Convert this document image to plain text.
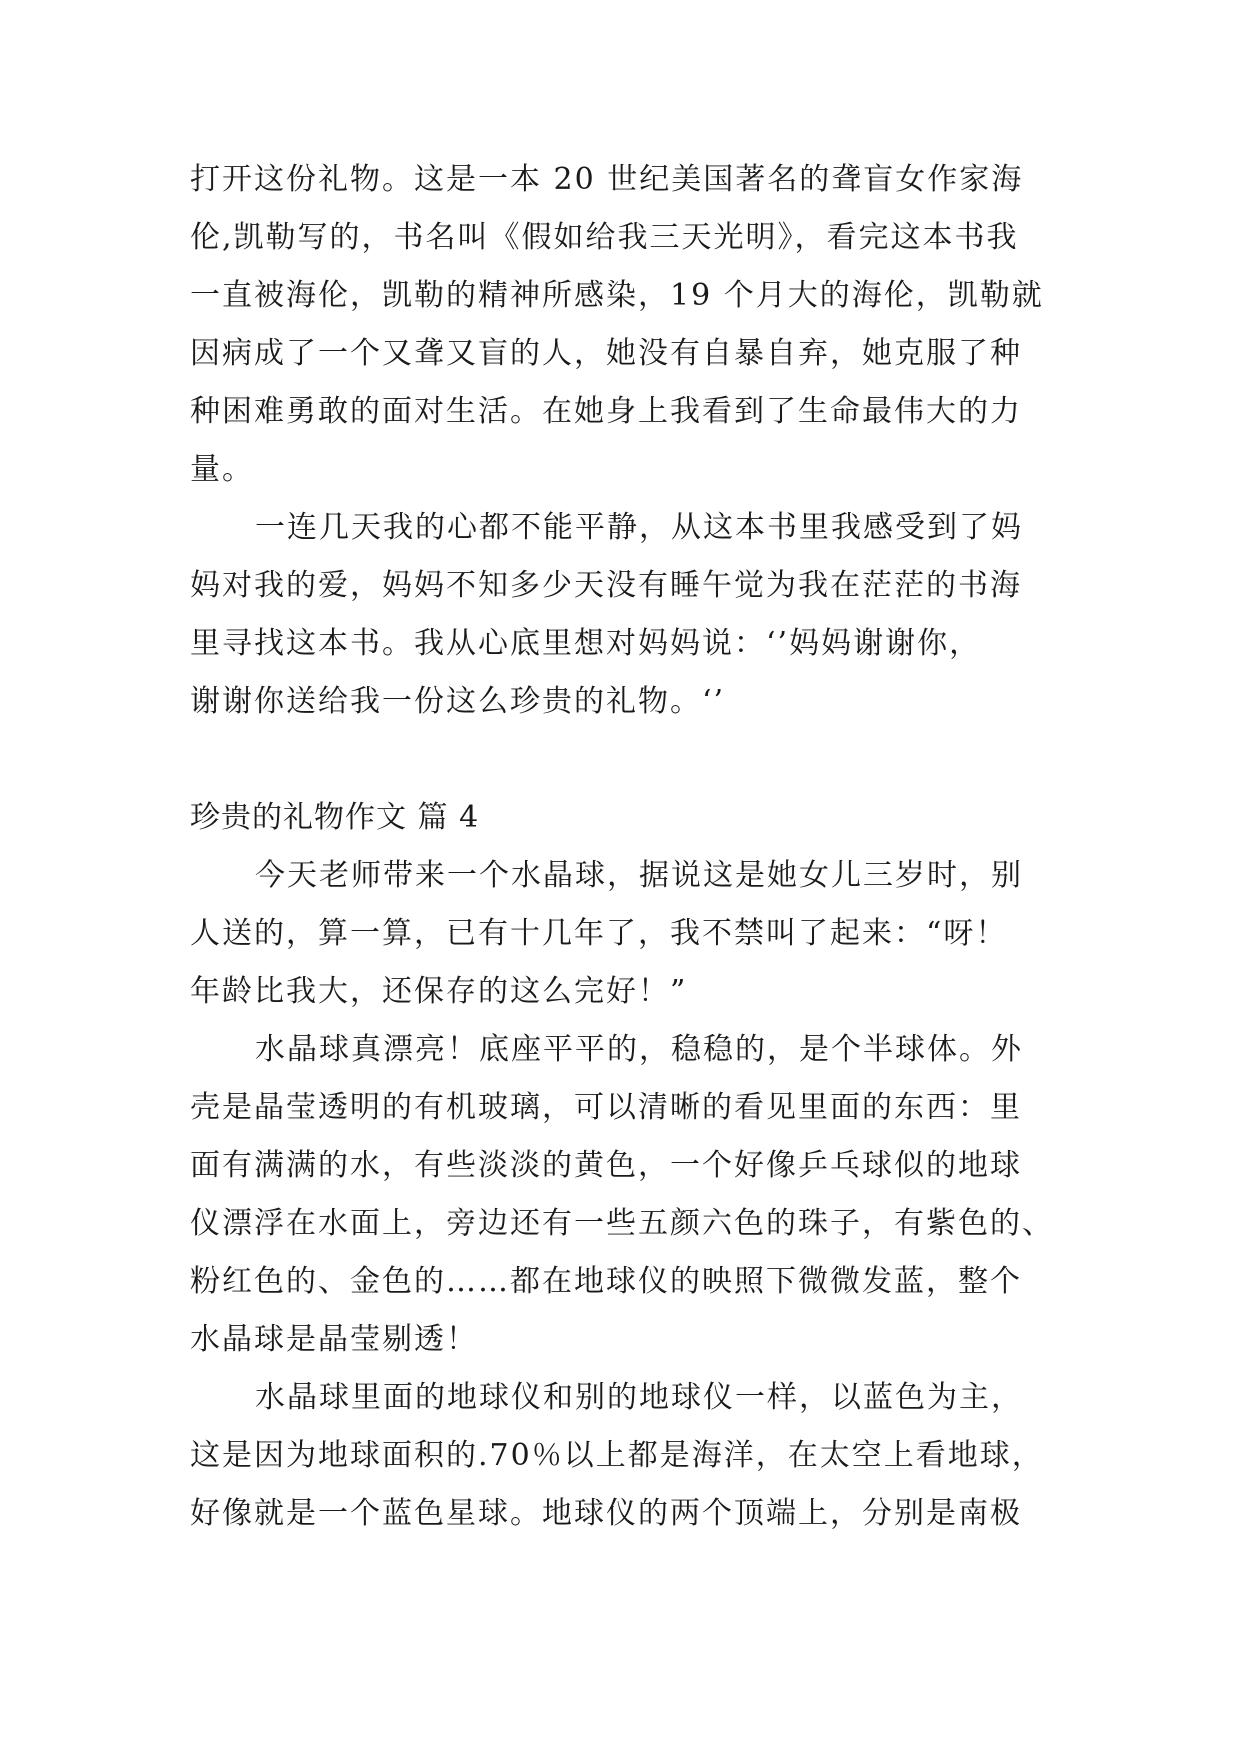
打开这份礼物。这是一本 20 世纪美国著名的聋盲女作家海
伦,凯勒写的，书名叫《假如给我三天光明》，看完这本书我
一直被海伦，凯勒的精神所感染，19 个月大的海伦，凯勒就
因病成了一个又聋又盲的人，她没有自暴自弃，她克服了种
种困难勇敢的面对生活。在她身上我看到了生命最伟大的力
量。
一连几天我的心都不能平静，从这本书里我感受到了妈
妈对我的爱，妈妈不知多少天没有睡午觉为我在茫茫的书海
里寻找这本书。我从心底里想对妈妈说：‘’妈妈谢谢你，
谢谢你送给我一份这么珍贵的礼物。‘’
珍贵的礼物作文 篇 4
今天老师带来一个水晶球，据说这是她女儿三岁时，别
人送的，算一算，已有十几年了，我不禁叫了起来：“呀！
年龄比我大，还保存的这么完好！”
水晶球真漂亮！底座平平的，稳稳的，是个半球体。外
壳是晶莹透明的有机玻璃，可以清晰的看见里面的东西：里
面有满满的水，有些淡淡的黄色，一个好像乒乓球似的地球
仪漂浮在水面上，旁边还有一些五颜六色的珠子，有紫色的、
粉红色的、金色的……都在地球仪的映照下微微发蓝，整个
水晶球是晶莹剔透！
水晶球里面的地球仪和别的地球仪一样，以蓝色为主，
这是因为地球面积的.70％以上都是海洋，在太空上看地球，
好像就是一个蓝色星球。地球仪的两个顶端上，分别是南极
